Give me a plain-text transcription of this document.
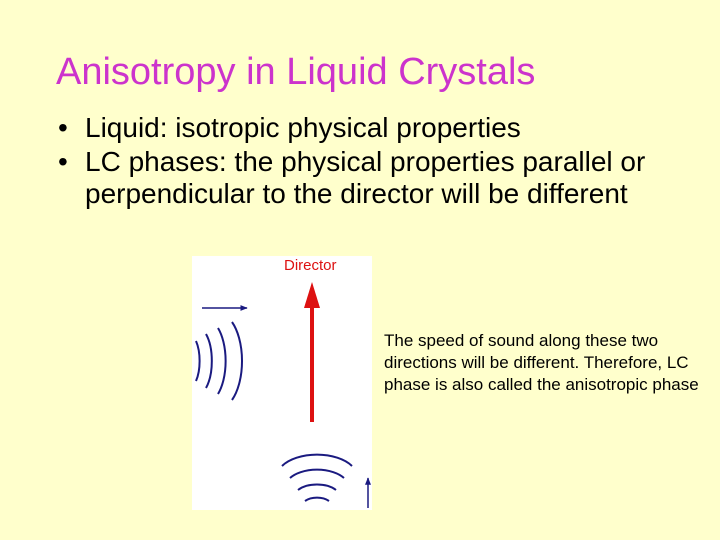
Anisotropy in Liquid Crystals
• Liquid: isotropic physical properties
• LC phases: the physical properties parallel or perpendicular to the director will be different
Director
The speed of sound along these two directions will be different. Therefore, LC phase is also called the anisotropic phase
